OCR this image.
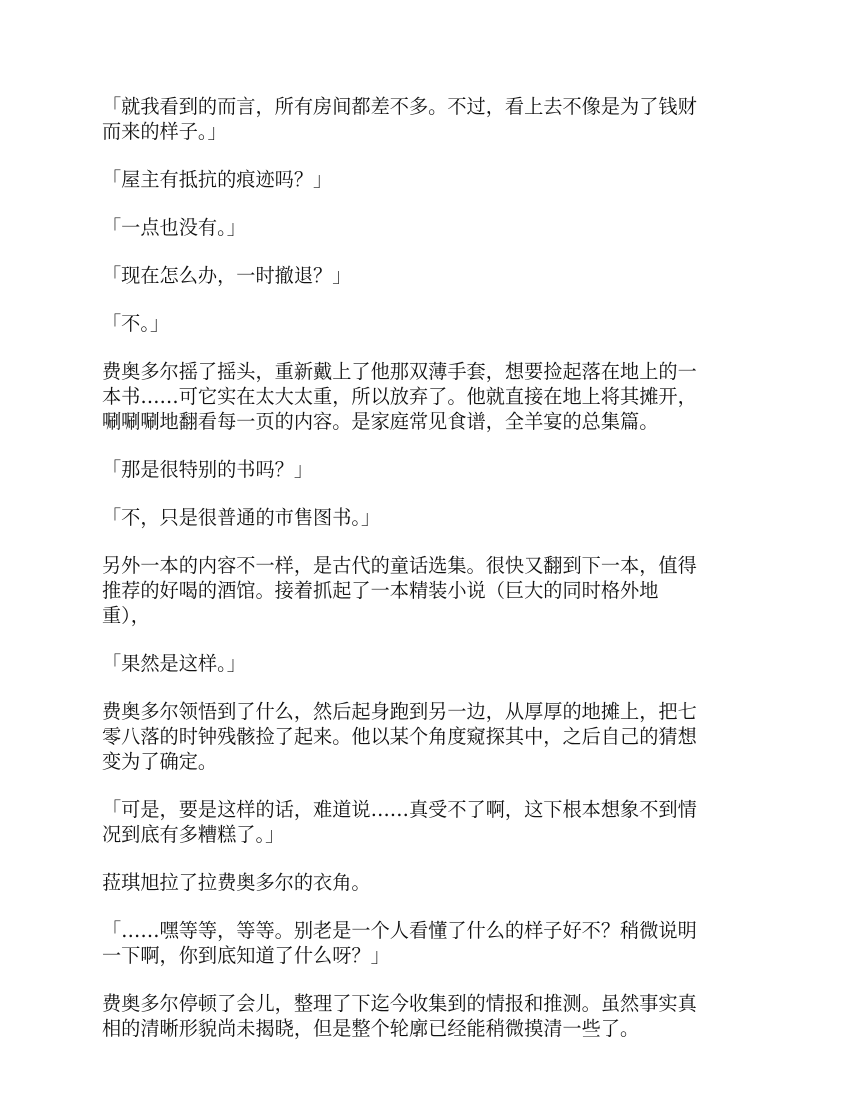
「就我看到的而言，所有房间都差不多。不过，看上去不像是为了钱财
而来的样子。」

「屋主有抵抗的痕迹吗？」

「一点也没有。」

「现在怎么办，一时撤退？」

「不。」

费奥多尔摇了摇头，重新戴上了他那双薄手套，想要捡起落在地上的一
本书……可它实在太大太重，所以放弃了。他就直接在地上将其摊开，
唰唰唰地翻看每一页的内容。是家庭常见食谱，全羊宴的总集篇。

「那是很特别的书吗？」

「不，只是很普通的市售图书。」

另外一本的内容不一样，是古代的童话选集。很快又翻到下一本，值得
推荐的好喝的酒馆。接着抓起了一本精装小说（巨大的同时格外地
重），

「果然是这样。」

费奥多尔领悟到了什么，然后起身跑到另一边，从厚厚的地摊上，把七
零八落的时钟残骸捡了起来。他以某个角度窥探其中，之后自己的猜想
变为了确定。

「可是，要是这样的话，难道说……真受不了啊，这下根本想象不到情
况到底有多糟糕了。」

菈琪旭拉了拉费奥多尔的衣角。

「……嘿等等，等等。别老是一个人看懂了什么的样子好不？稍微说明
一下啊，你到底知道了什么呀？」

费奥多尔停顿了会儿，整理了下迄今收集到的情报和推测。虽然事实真
相的清晰形貌尚未揭晓，但是整个轮廓已经能稍微摸清一些了。
